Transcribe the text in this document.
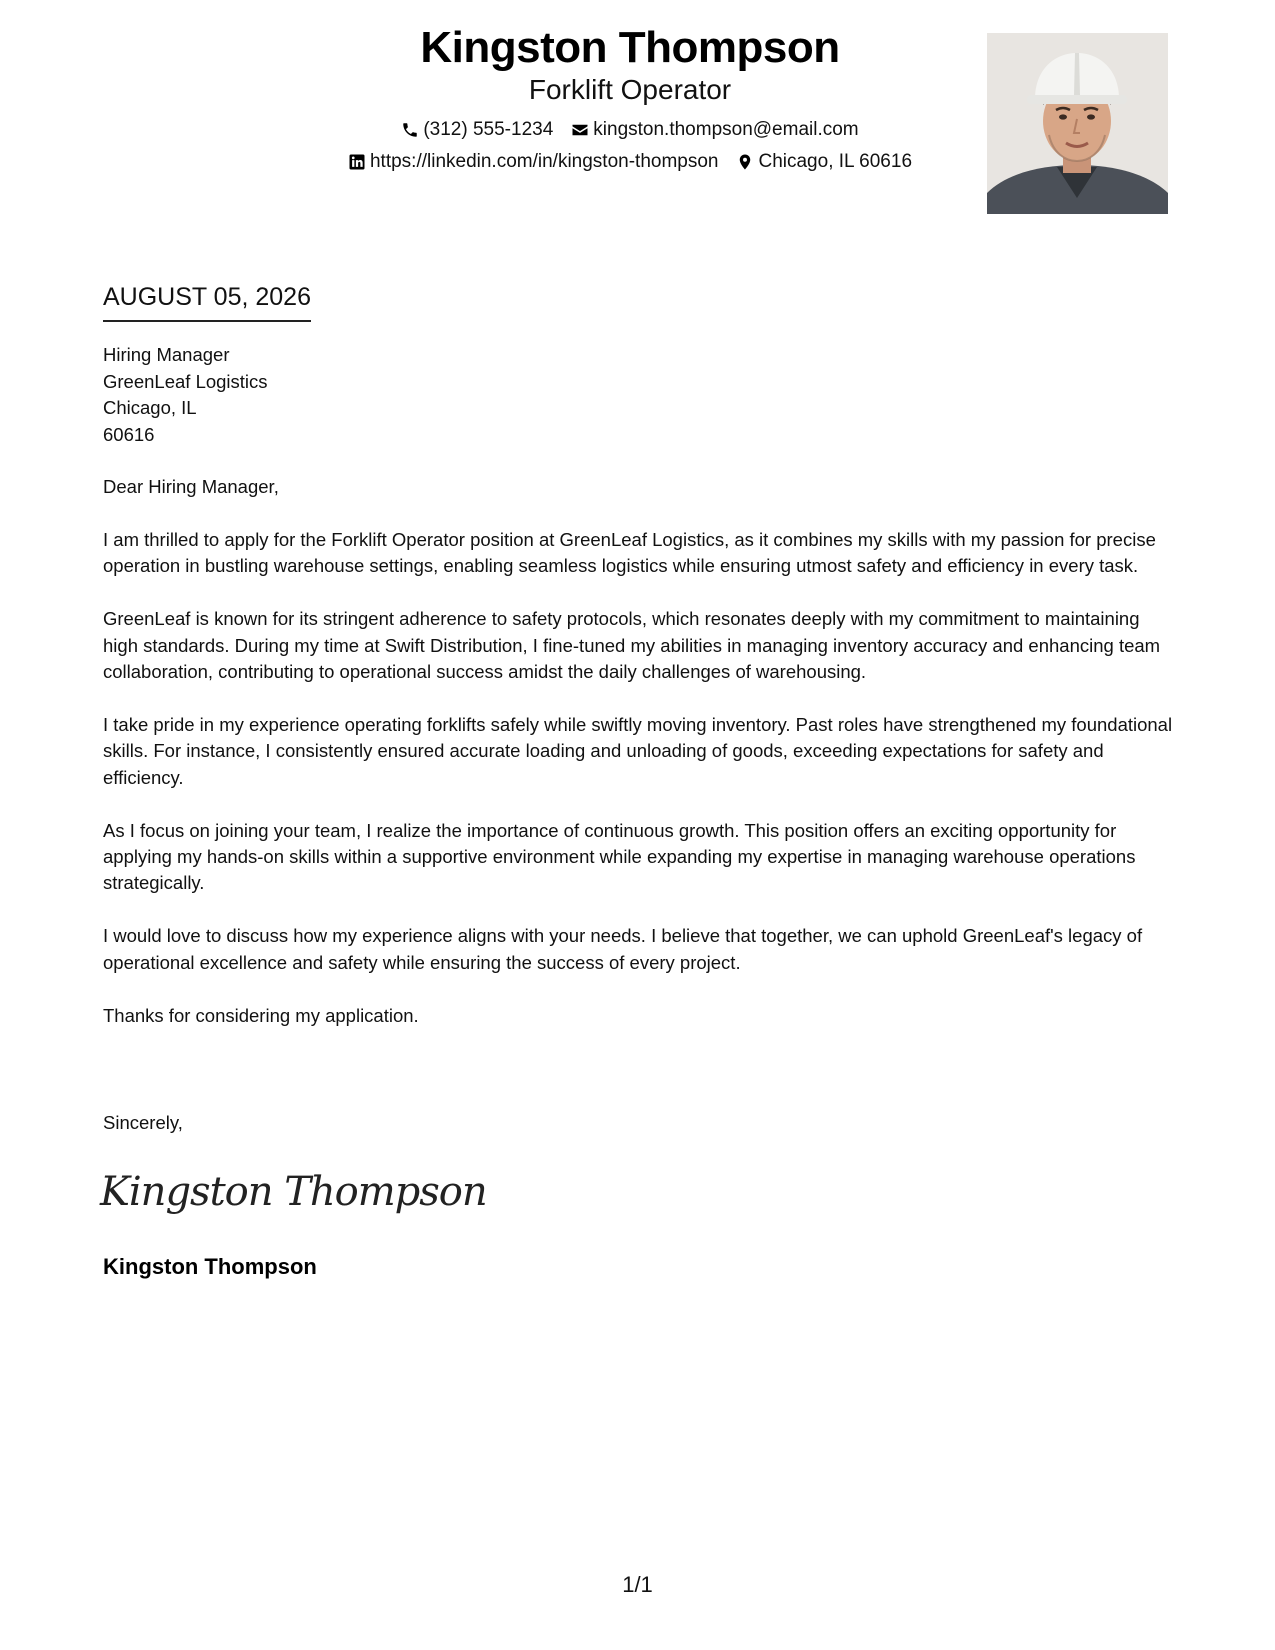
Kingston Thompson
Forklift Operator
(312) 555-1234 kingston.thompson@email.com
https://linkedin.com/in/kingston-thompson Chicago, IL 60616
AUGUST 05, 2026
Hiring Manager
GreenLeaf Logistics
Chicago, IL
60616

Dear Hiring Manager,

I am thrilled to apply for the Forklift Operator position at GreenLeaf Logistics, as it combines my skills with my passion for precise operation in bustling warehouse settings, enabling seamless logistics while ensuring utmost safety and efficiency in every task.

GreenLeaf is known for its stringent adherence to safety protocols, which resonates deeply with my commitment to maintaining high standards. During my time at Swift Distribution, I fine-tuned my abilities in managing inventory accuracy and enhancing team collaboration, contributing to operational success amidst the daily challenges of warehousing.

I take pride in my experience operating forklifts safely while swiftly moving inventory. Past roles have strengthened my foundational skills. For instance, I consistently ensured accurate loading and unloading of goods, exceeding expectations for safety and efficiency.

As I focus on joining your team, I realize the importance of continuous growth. This position offers an exciting opportunity for applying my hands-on skills within a supportive environment while expanding my expertise in managing warehouse operations strategically.

I would love to discuss how my experience aligns with your needs. I believe that together, we can uphold GreenLeaf's legacy of operational excellence and safety while ensuring the success of every project.

Thanks for considering my application.

Sincerely,
Kingston Thompson
Kingston Thompson
1/1
